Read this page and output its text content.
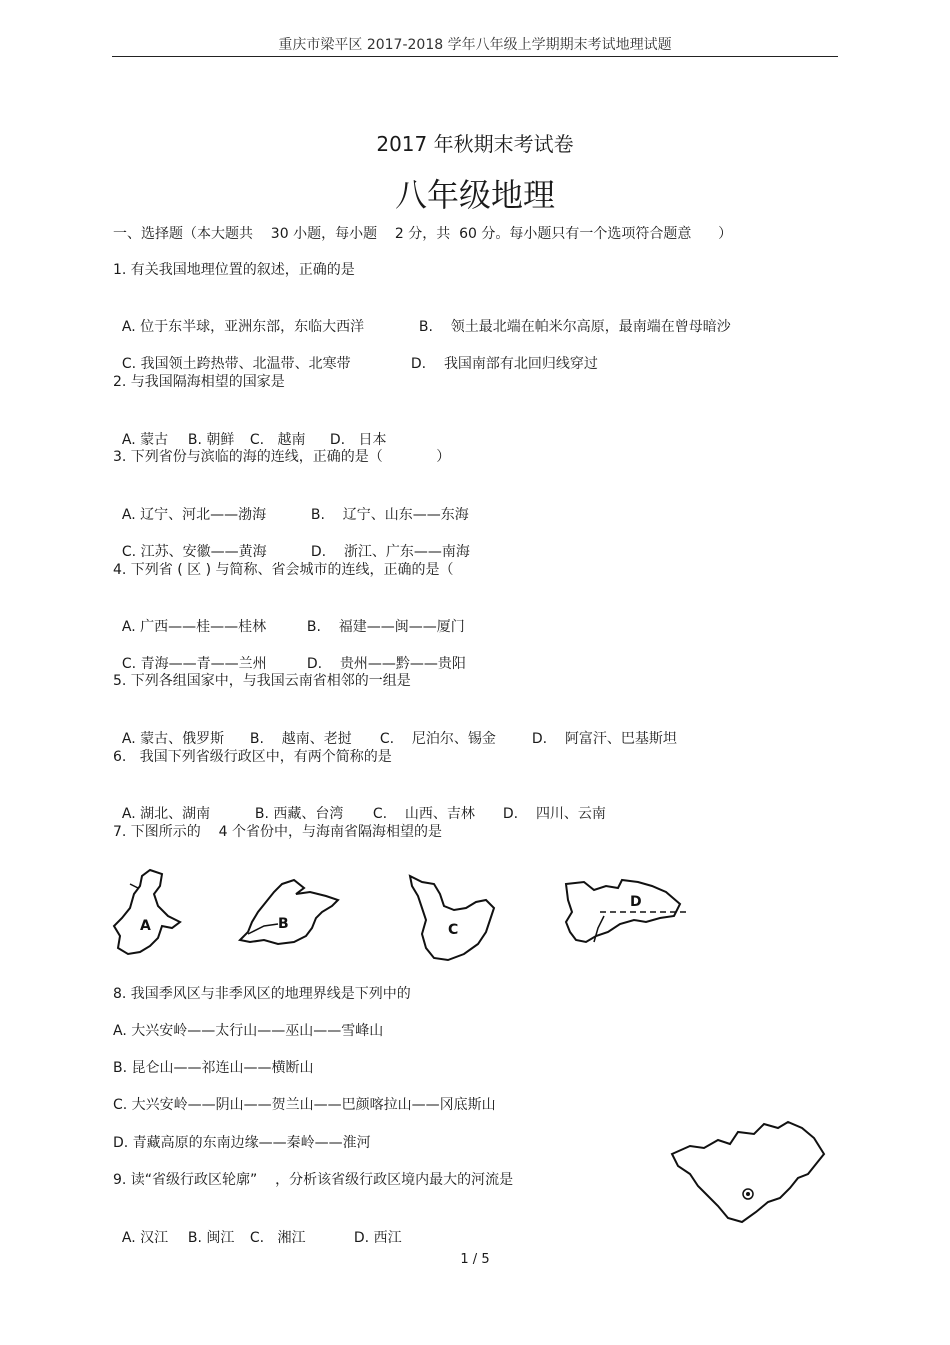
重庆市梁平区 2017-2018 学年八年级上学期期末考试地理试题
2017 年秋期末考试卷
八年级地理
一、选择题（本大题共    30 小题，每小题    2 分，共  60 分。每小题只有一个选项符合题意      ）
1. 有关我国地理位置的叙述，正确的是

A. 位于东半球，亚洲东部，东临大西洋	B.    领土最北端在帕米尔高原，最南端在曾母暗沙

C. 我国领土跨热带、北温带、北寒带	D.    我国南部有北回归线穿过

2. 与我国隔海相望的国家是

A. 蒙古 B. 朝鲜 C.   越南 D.   日本

3. 下列省份与滨临的海的连线，正确的是（            ）

A. 辽宁、河北——渤海	B.    辽宁、山东——东海

C. 江苏、安徽——黄海	D.    浙江、广东——南海

4. 下列省 ( 区 ) 与简称、省会城市的连线，正确的是（

A. 广西——桂——桂林	B.    福建——闽——厦门

C. 青海——青——兰州	D.    贵州——黔——贵阳

5. 下列各组国家中，与我国云南省相邻的一组是

A. 蒙古、俄罗斯 B.    越南、老挝 C.    尼泊尔、锡金	D.    阿富汗、巴基斯坦

6.   我国下列省级行政区中，有两个简称的是

A. 湖北、湖南	B. 西藏、台湾 C.    山西、吉林 D.    四川、云南

7. 下图所示的    4 个省份中，与海南省隔海相望的是
A	B	C
D
8. 我国季风区与非季风区的地理界线是下列中的
A. 大兴安岭——太行山——巫山——雪峰山
B. 昆仑山——祁连山——横断山
C. 大兴安岭——阴山——贺兰山——巴颜喀拉山——冈底斯山
D. 青藏高原的东南边缘——秦岭——淮河
9. 读“省级行政区轮廓”    ，分析该省级行政区境内最大的河流是

A. 汉江 B. 闽江 C.   湘江	D. 西江

1 / 5
